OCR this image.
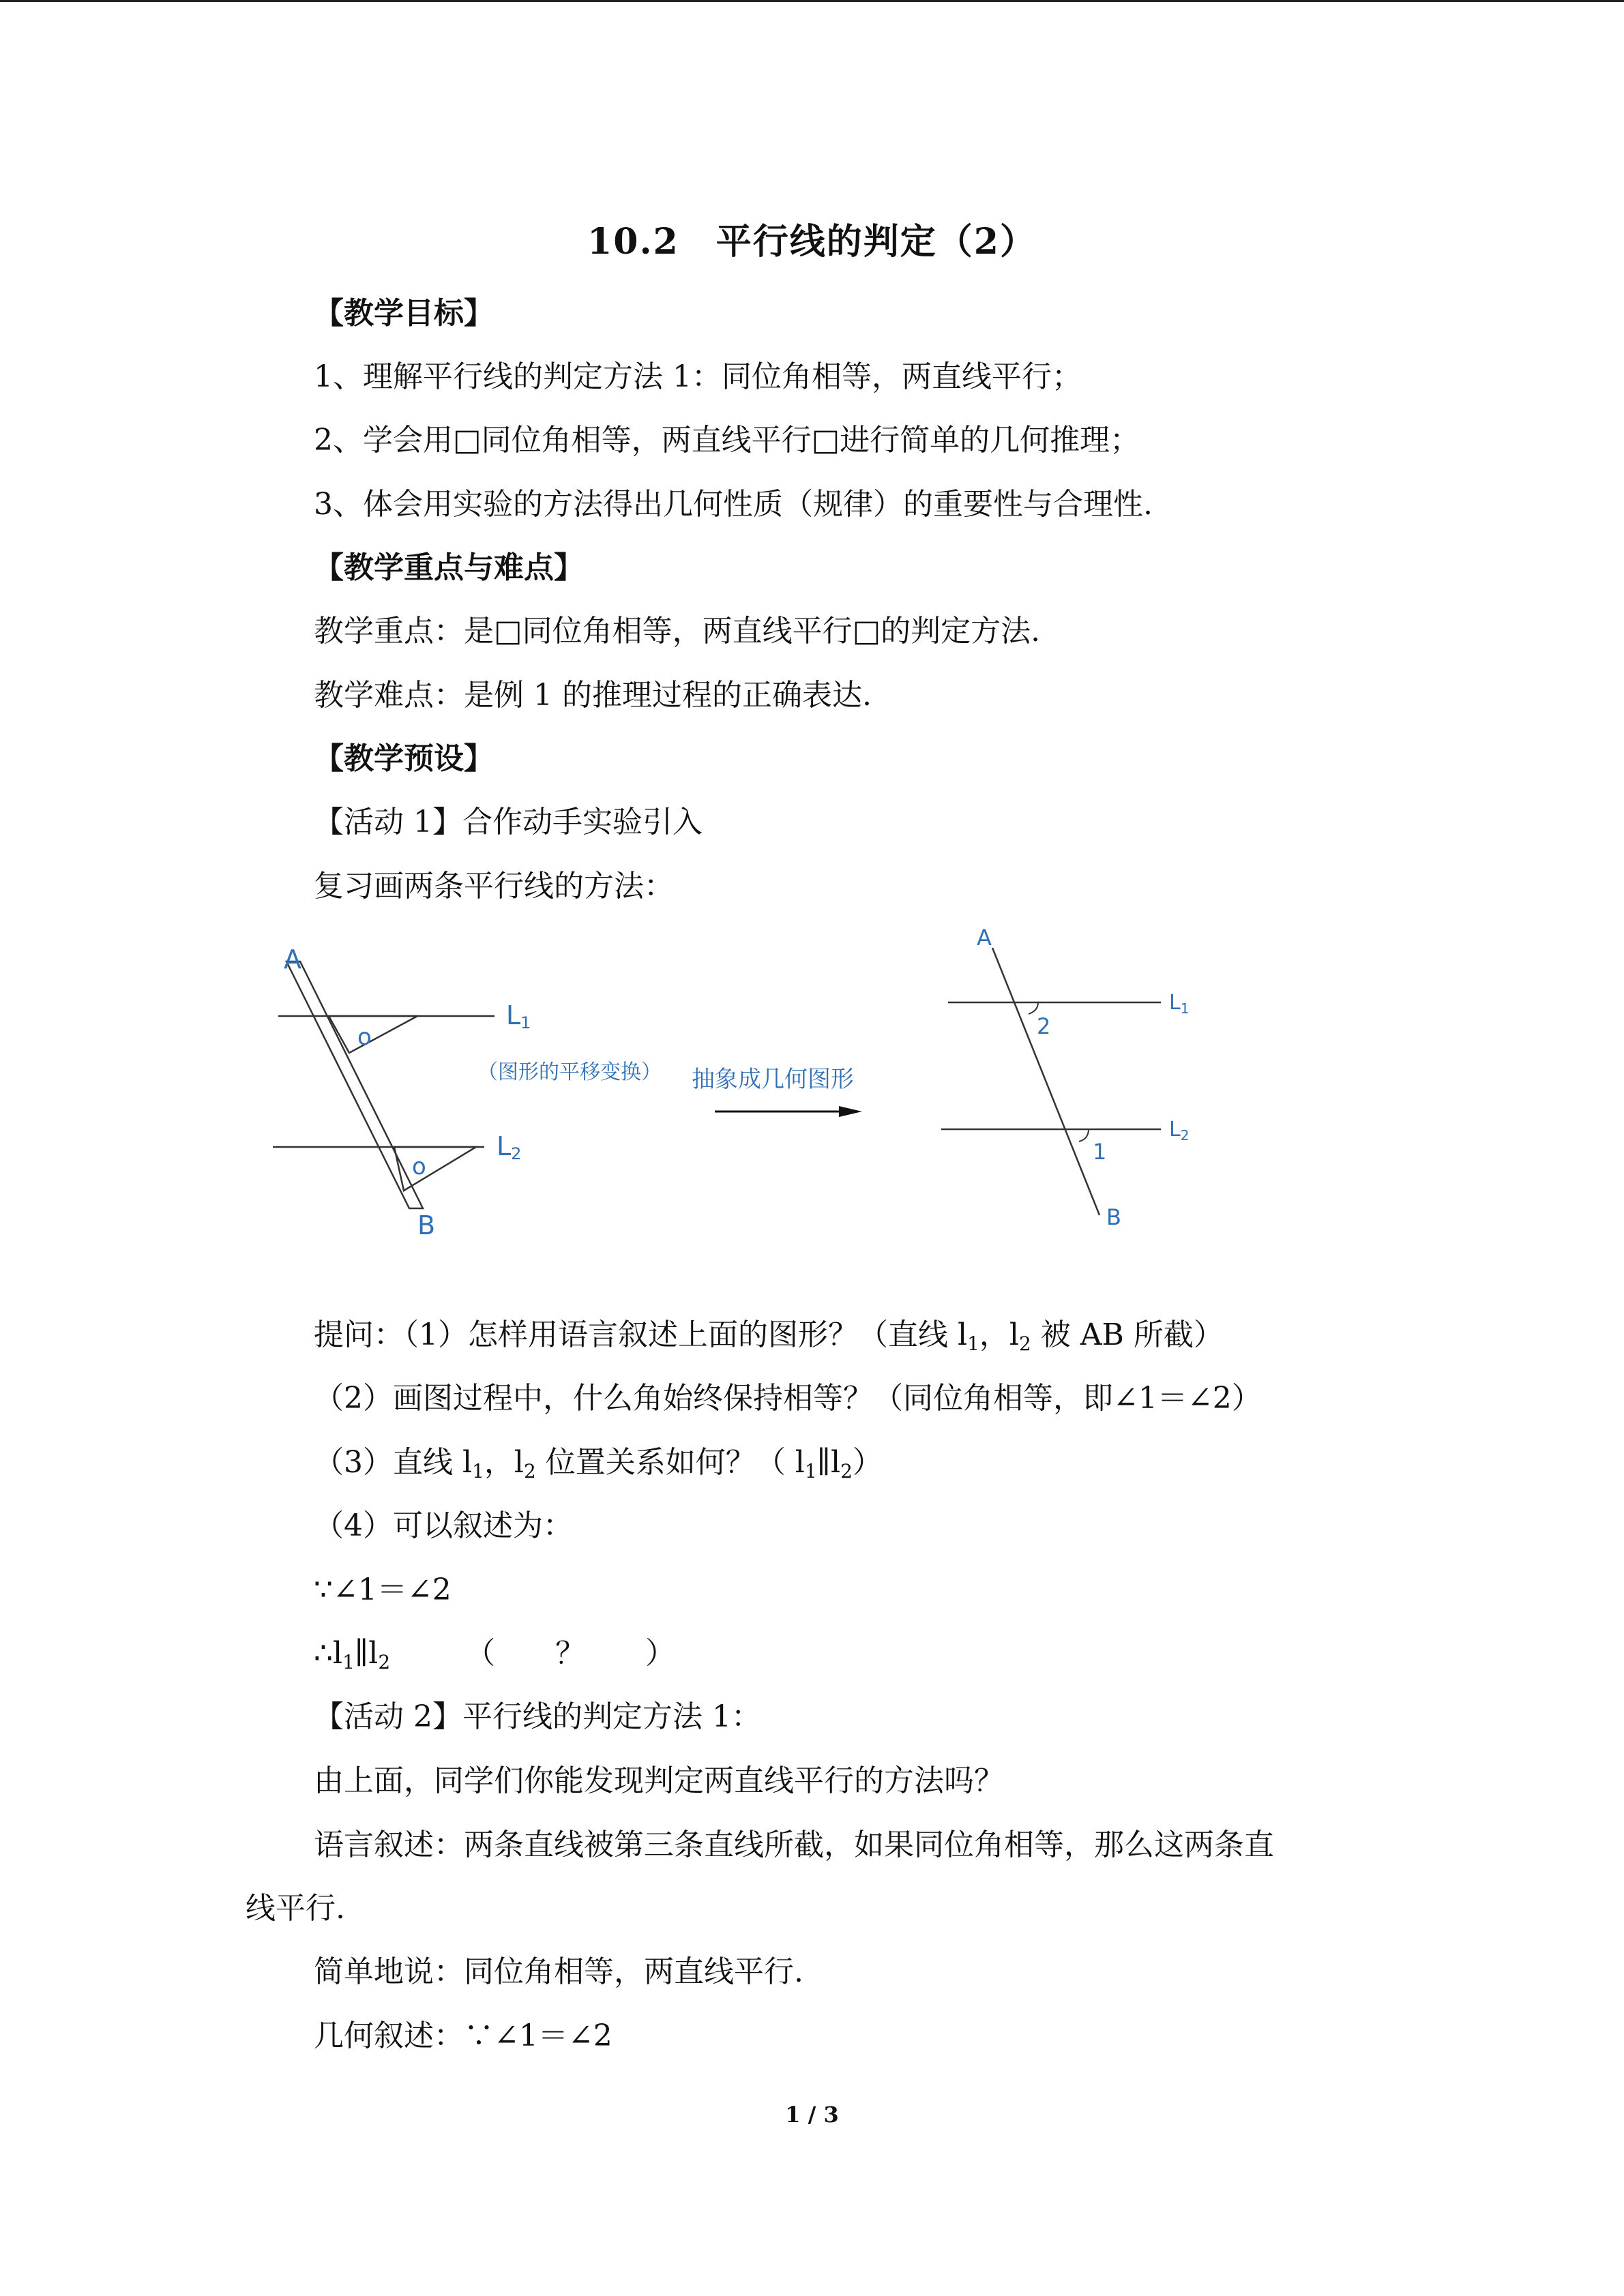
10.2　平行线的判定（2）
【教学目标】
1、理解平行线的判定方法 1：同位角相等，两直线平行；
2、学会用□同位角相等，两直线平行□进行简单的几何推理；
3、体会用实验的方法得出几何性质（规律）的重要性与合理性.
【教学重点与难点】
教学重点：是□同位角相等，两直线平行□的判定方法.
教学难点：是例 1 的推理过程的正确表达.
【教学预设】
【活动 1】合作动手实验引入
复习画两条平行线的方法：
A
B
L1
L2
o
o
（图形的平移变换） 抽象成几何图形
A
B
$L_1$
$L_2$
2
1
提问：（1）怎样用语言叙述上面的图形？（直线 $l_1$，$l_2$ 被 AB 所截）
（2）画图过程中，什么角始终保持相等？（同位角相等，即∠1＝∠2）
（3）直线 $l_1$，$l_2$ 位置关系如何？（ $l_1\parallel l_2$）
（4）可以叙述为：
∵∠1＝∠2
$\therefore l_1\parallel l_2$　　　（　　？　　）
【活动 2】平行线的判定方法 1：
由上面，同学们你能发现判定两直线平行的方法吗？
语言叙述：两条直线被第三条直线所截，如果同位角相等，那么这两条直
线平行.
简单地说：同位角相等，两直线平行.
几何叙述：∵∠1＝∠2
1 / 3
